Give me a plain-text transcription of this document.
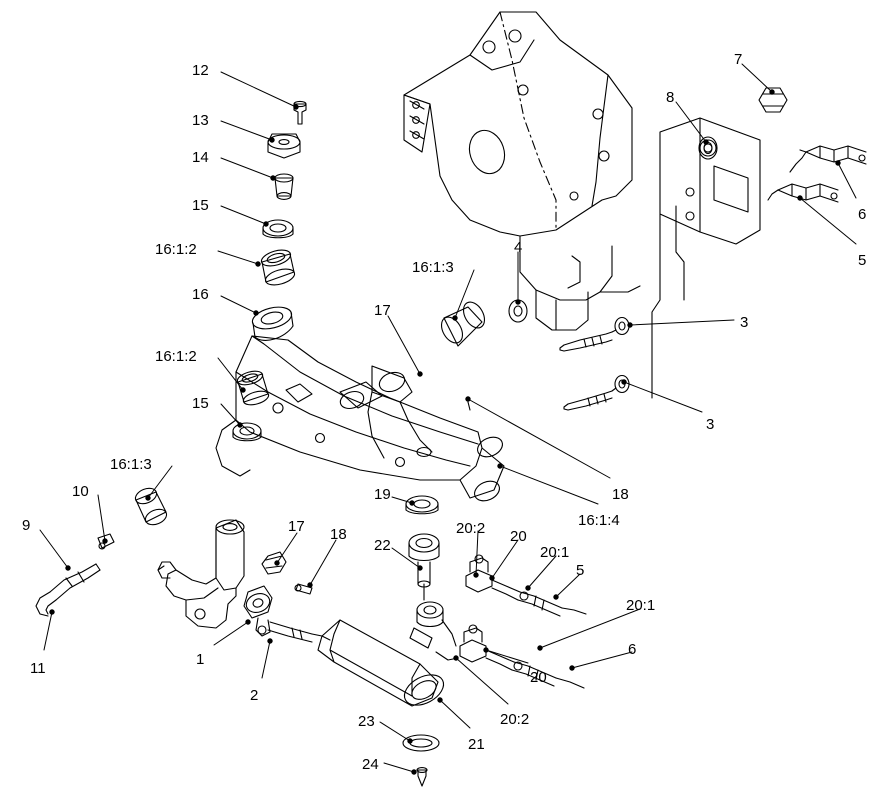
12
13
14
15
16:1:2
16
16:1:2
15
16:1:3
10
9
11
1
2
17 18
19
22
20:2 20
20:1
5
20:1
6
20
20:2
21
23
24
17
16:1:3
4
18
16:1:4
3
3
7
8
6
5
